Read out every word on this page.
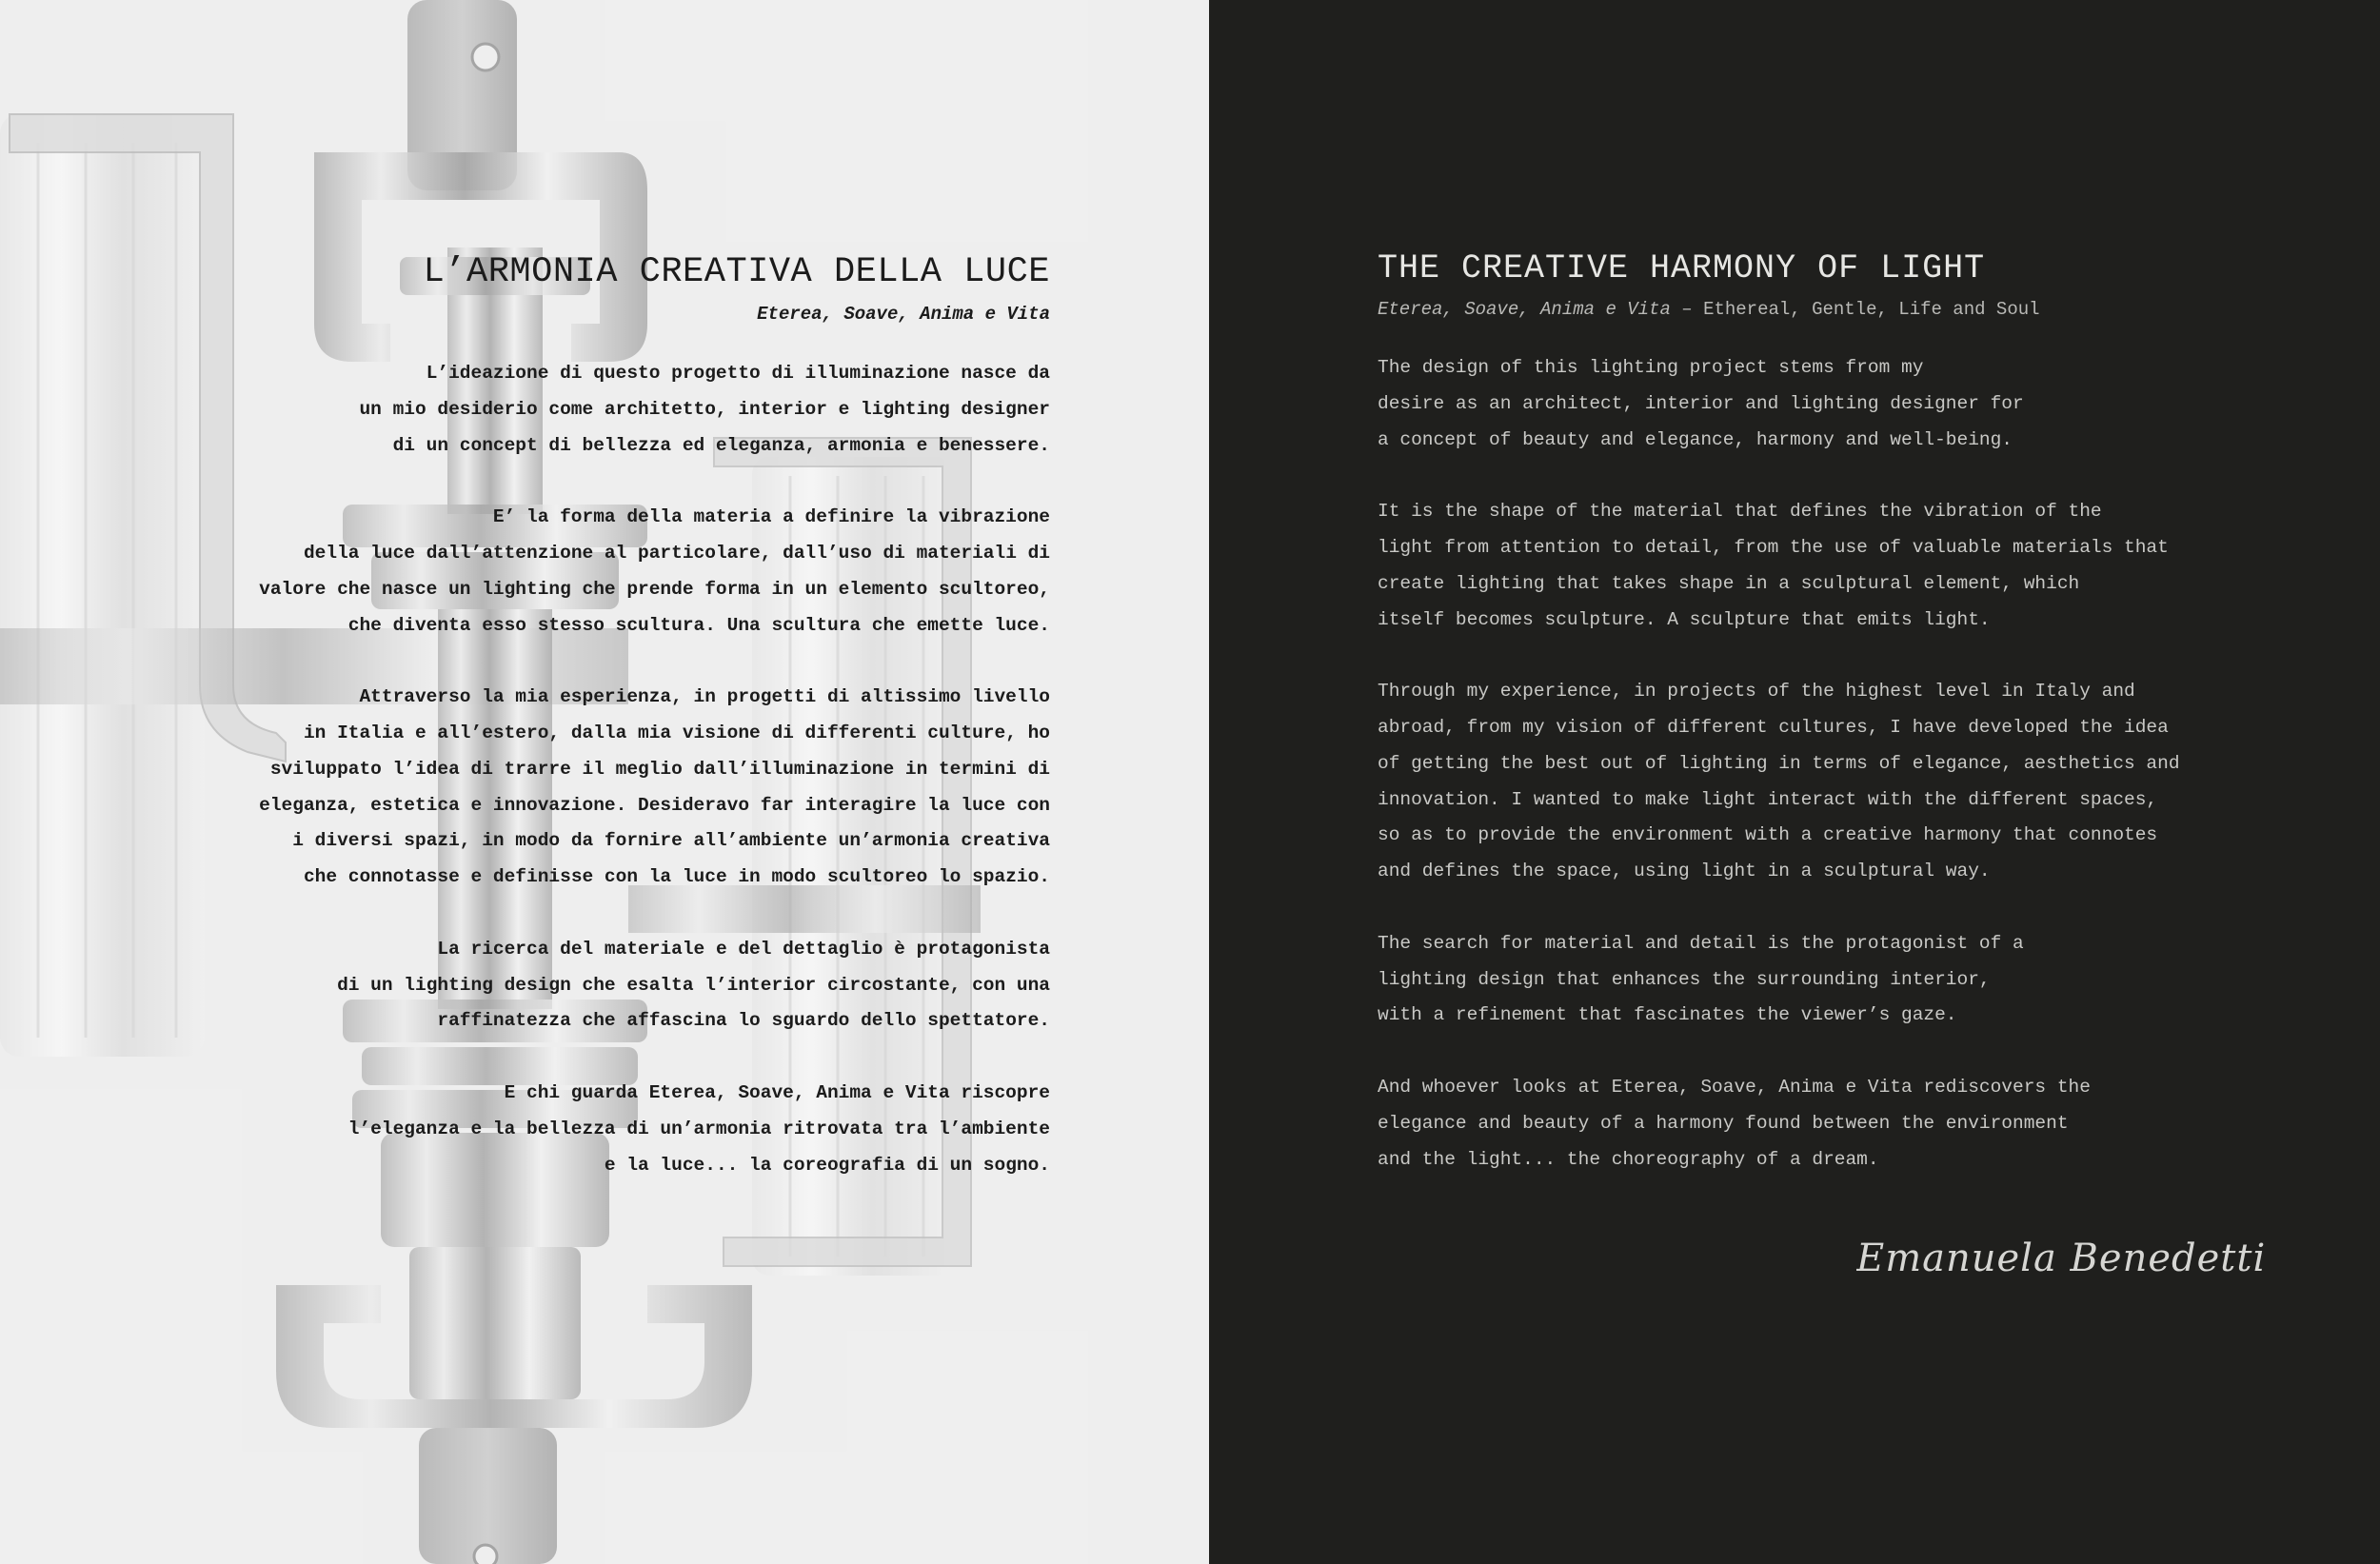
L’ARMONIA CREATIVA DELLA LUCE
Eterea, Soave, Anima e Vita
L’ideazione di questo progetto di illuminazione nasce da
un mio desiderio come architetto, interior e lighting designer
di un concept di bellezza ed eleganza, armonia e benessere.
E’ la forma della materia a definire la vibrazione
della luce dall’attenzione al particolare, dall’uso di materiali di
valore che nasce un lighting che prende forma in un elemento scultoreo,
che diventa esso stesso scultura. Una scultura che emette luce.
Attraverso la mia esperienza, in progetti di altissimo livello
in Italia e all’estero, dalla mia visione di differenti culture, ho
sviluppato l’idea di trarre il meglio dall’illuminazione in termini di
eleganza, estetica e innovazione. Desideravo far interagire la luce con
i diversi spazi, in modo da fornire all’ambiente un’armonia creativa
che connotasse e definisse con la luce in modo scultoreo lo spazio.
La ricerca del materiale e del dettaglio è protagonista
di un lighting design che esalta l’interior circostante, con una
raffinatezza che affascina lo sguardo dello spettatore.
E chi guarda Eterea, Soave, Anima e Vita riscopre
l’eleganza e la bellezza di un’armonia ritrovata tra l’ambiente
e la luce... la coreografia di un sogno.
THE CREATIVE HARMONY OF LIGHT
Eterea, Soave, Anima e Vita – Ethereal, Gentle, Life and Soul
The design of this lighting project stems from my
desire as an architect, interior and lighting designer for
a concept of beauty and elegance, harmony and well-being.
It is the shape of the material that defines the vibration of the
light from attention to detail, from the use of valuable materials that
create lighting that takes shape in a sculptural element, which
itself becomes sculpture. A sculpture that emits light.
Through my experience, in projects of the highest level in Italy and
abroad, from my vision of different cultures, I have developed the idea
of getting the best out of lighting in terms of elegance, aesthetics and
innovation. I wanted to make light interact with the different spaces,
so as to provide the environment with a creative harmony that connotes
and defines the space, using light in a sculptural way.
The search for material and detail is the protagonist of a
lighting design that enhances the surrounding interior,
with a refinement that fascinates the viewer’s gaze.
And whoever looks at Eterea, Soave, Anima e Vita rediscovers the
elegance and beauty of a harmony found between the environment
and the light... the choreography of a dream.
Emanuela Benedetti
